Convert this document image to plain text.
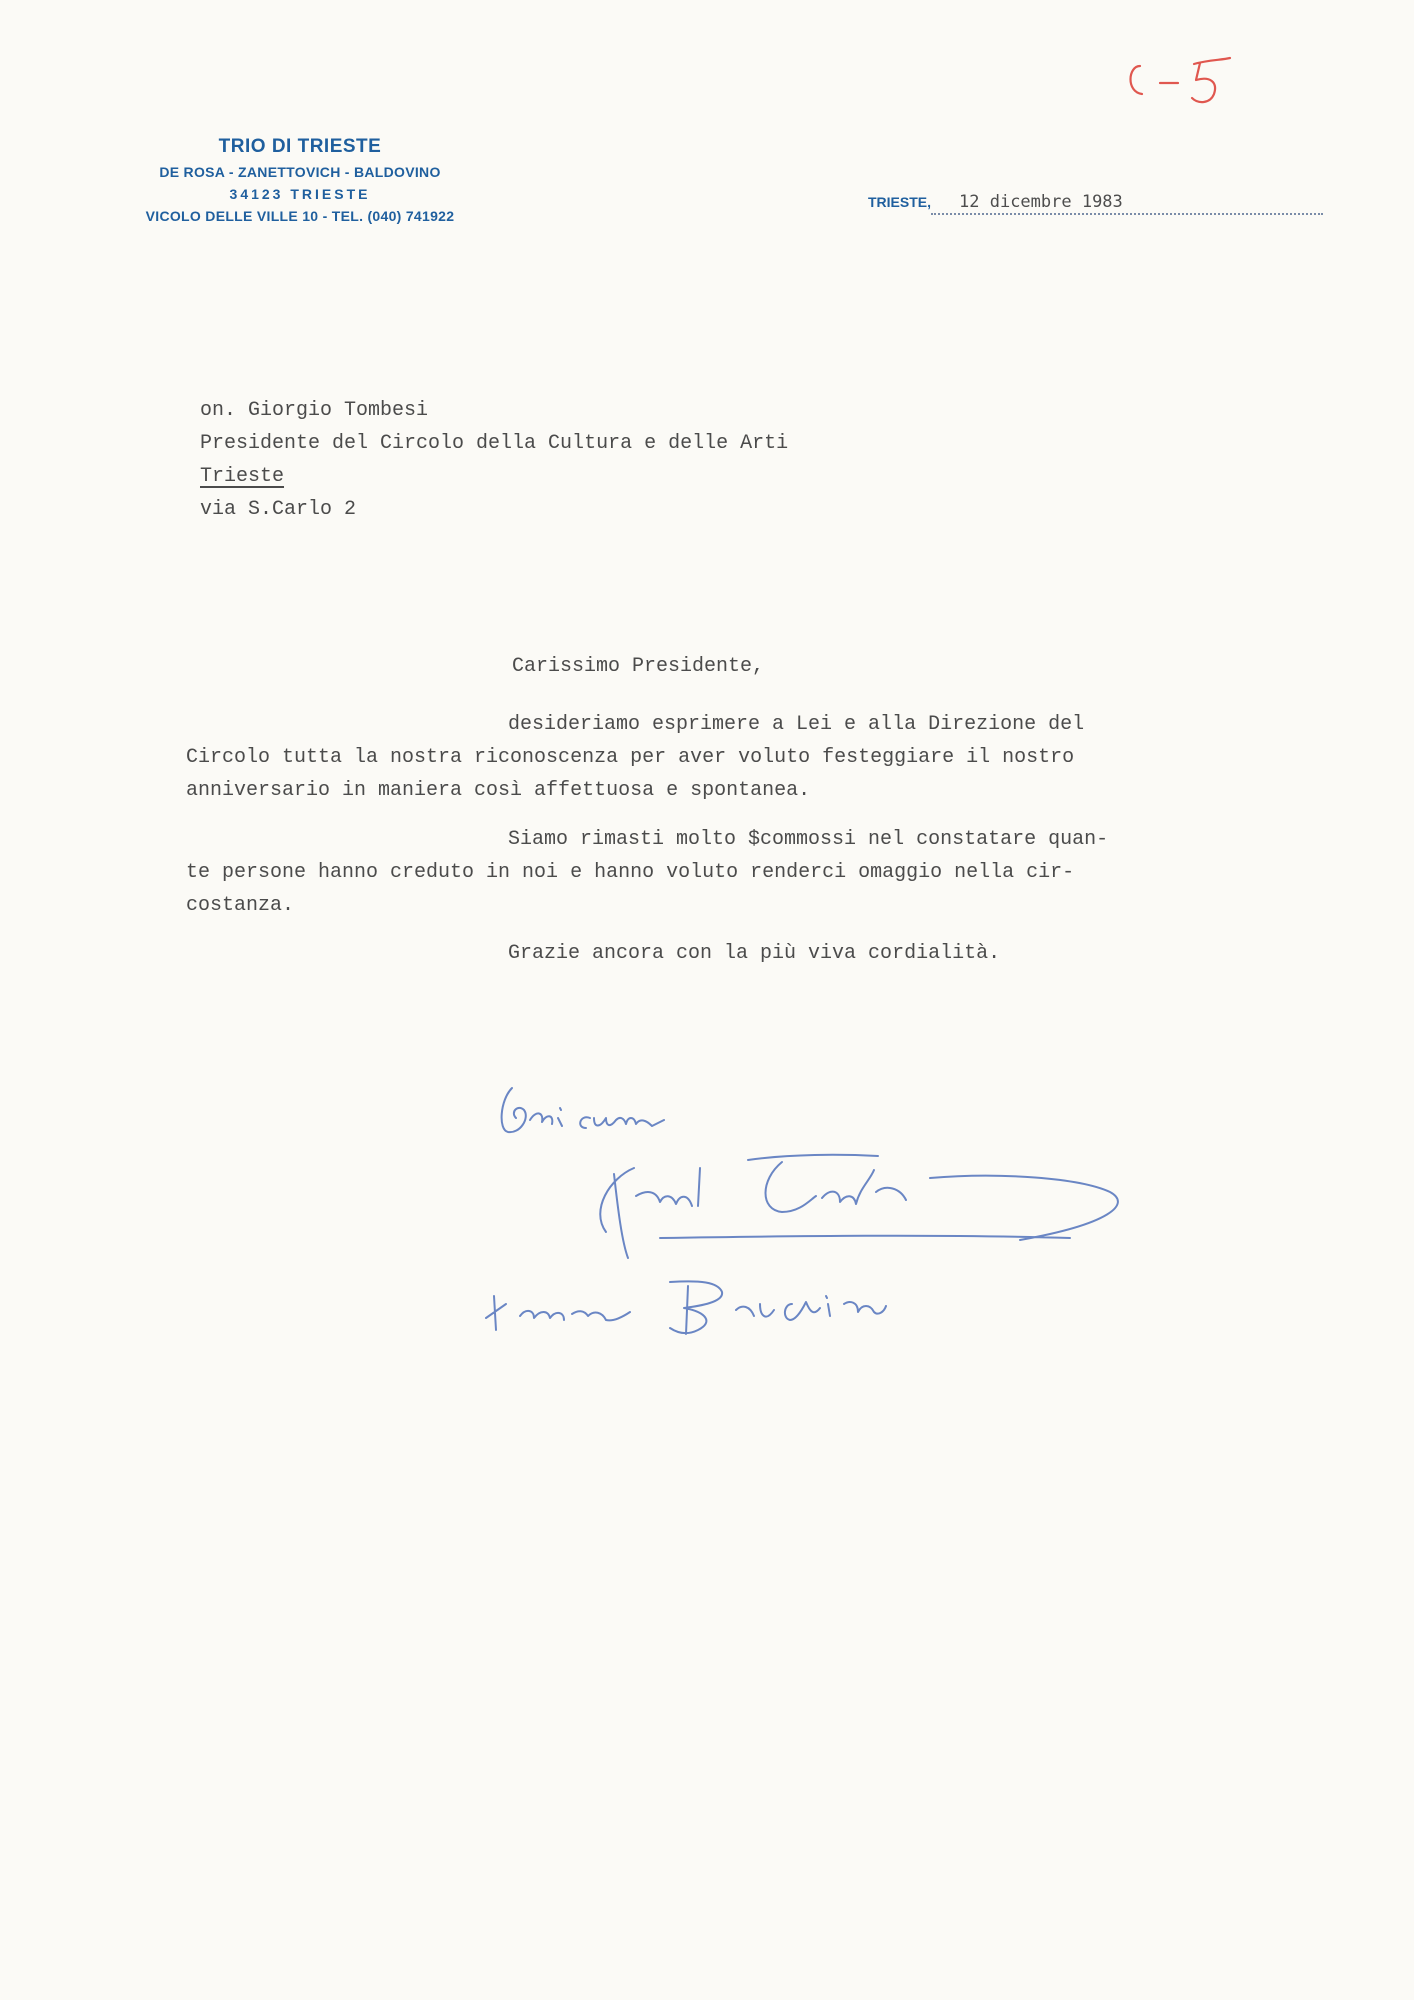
TRIO DI TRIESTE
DE ROSA - ZANETTOVICH - BALDOVINO
34123 TRIESTE
VICOLO DELLE VILLE 10 - TEL. (040) 741922
TRIESTE, 12 dicembre 1983
on. Giorgio Tombesi
Presidente del Circolo della Cultura e delle Arti
Trieste
via S.Carlo 2
Carissimo Presidente,
desideriamo esprimere a Lei e alla Direzione del
Circolo tutta la nostra riconoscenza per aver voluto festeggiare il nostro
anniversario in maniera così affettuosa e spontanea.
Siamo rimasti molto $commossi nel constatare quan-
te persone hanno creduto in noi e hanno voluto renderci omaggio nella cir-
costanza.
Grazie ancora con la più viva cordialità.
